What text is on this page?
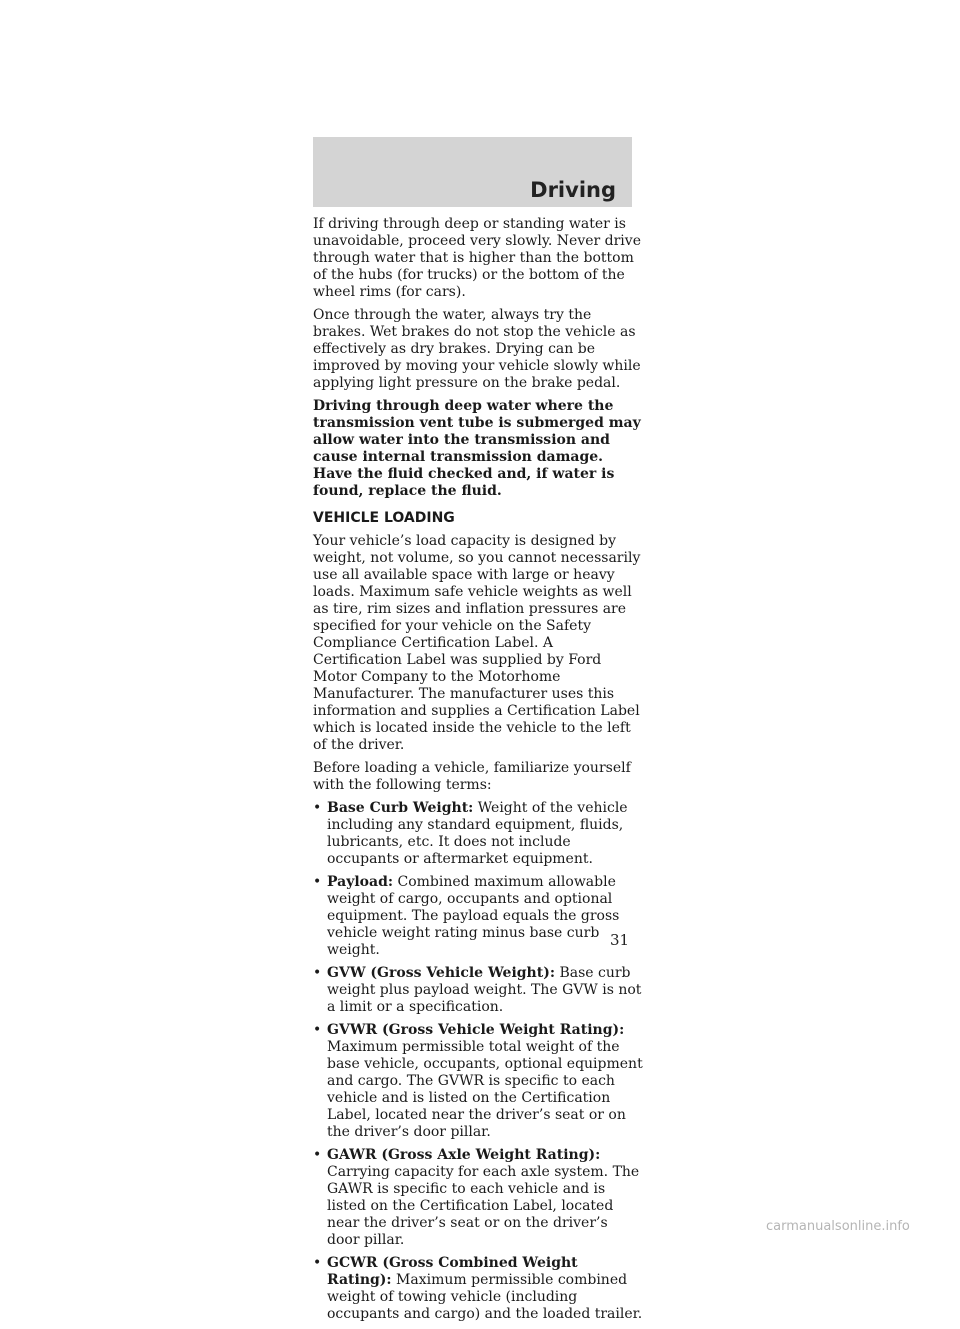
Driving

If driving through deep or standing water is unavoidable, proceed very slowly. Never drive through water that is higher than the bottom of the hubs (for trucks) or the bottom of the wheel rims (for cars).

Once through the water, always try the brakes. Wet brakes do not stop the vehicle as effectively as dry brakes. Drying can be improved by moving your vehicle slowly while applying light pressure on the brake pedal.

Driving through deep water where the transmission vent tube is submerged may allow water into the transmission and cause internal transmission damage. Have the fluid checked and, if water is found, replace the fluid.

VEHICLE LOADING

Your vehicle’s load capacity is designed by weight, not volume, so you cannot necessarily use all available space with large or heavy loads. Maximum safe vehicle weights as well as tire, rim sizes and inflation pressures are specified for your vehicle on the Safety Compliance Certification Label. A Certification Label was supplied by Ford Motor Company to the Motorhome Manufacturer. The manufacturer uses this information and supplies a Certification Label which is located inside the vehicle to the left of the driver.

Before loading a vehicle, familiarize yourself with the following terms:

• Base Curb Weight: Weight of the vehicle including any standard equipment, fluids, lubricants, etc. It does not include occupants or aftermarket equipment.
• Payload: Combined maximum allowable weight of cargo, occupants and optional equipment. The payload equals the gross vehicle weight rating minus base curb weight.
• GVW (Gross Vehicle Weight): Base curb weight plus payload weight. The GVW is not a limit or a specification.
• GVWR (Gross Vehicle Weight Rating): Maximum permissible total weight of the base vehicle, occupants, optional equipment and cargo. The GVWR is specific to each vehicle and is listed on the Certification Label, located near the driver’s seat or on the driver’s door pillar.
• GAWR (Gross Axle Weight Rating): Carrying capacity for each axle system. The GAWR is specific to each vehicle and is listed on the Certification Label, located near the driver’s seat or on the driver’s door pillar.
• GCWR (Gross Combined Weight Rating): Maximum permissible combined weight of towing vehicle (including occupants and cargo) and the loaded trailer.

31

carmanualsonline.info
